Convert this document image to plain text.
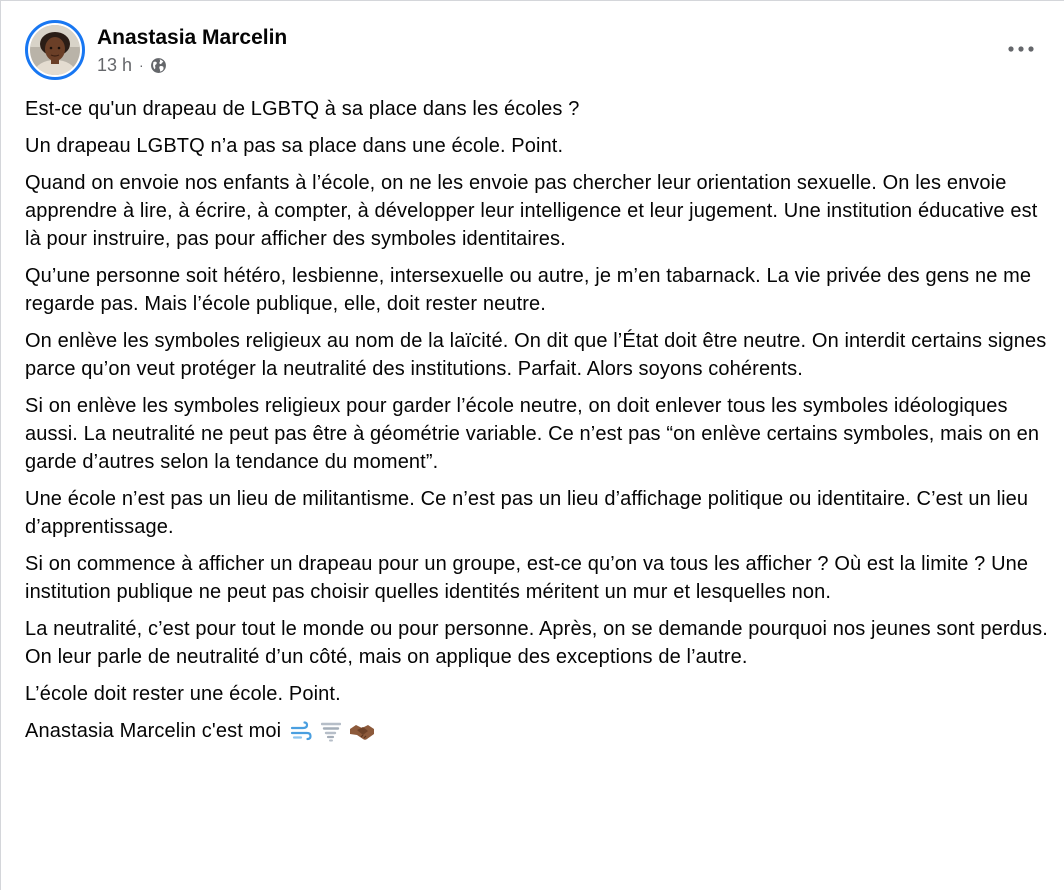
Anastasia Marcelin
13 h ·

Est-ce qu'un drapeau de LGBTQ à sa place dans les écoles ?

Un drapeau LGBTQ n’a pas sa place dans une école. Point.

Quand on envoie nos enfants à l’école, on ne les envoie pas chercher leur orientation sexuelle. On les envoie apprendre à lire, à écrire, à compter, à développer leur intelligence et leur jugement. Une institution éducative est là pour instruire, pas pour afficher des symboles identitaires.

Qu’une personne soit hétéro, lesbienne, intersexuelle ou autre, je m’en tabarnack. La vie privée des gens ne me regarde pas. Mais l’école publique, elle, doit rester neutre.

On enlève les symboles religieux au nom de la laïcité. On dit que l’État doit être neutre. On interdit certains signes parce qu’on veut protéger la neutralité des institutions. Parfait. Alors soyons cohérents.

Si on enlève les symboles religieux pour garder l’école neutre, on doit enlever tous les symboles idéologiques aussi. La neutralité ne peut pas être à géométrie variable. Ce n’est pas “on enlève certains symboles, mais on en garde d’autres selon la tendance du moment”.

Une école n’est pas un lieu de militantisme. Ce n’est pas un lieu d’affichage politique ou identitaire. C’est un lieu d’apprentissage.

Si on commence à afficher un drapeau pour un groupe, est-ce qu’on va tous les afficher ? Où est la limite ? Une institution publique ne peut pas choisir quelles identités méritent un mur et lesquelles non.

La neutralité, c’est pour tout le monde ou pour personne. Après, on se demande pourquoi nos jeunes sont perdus. On leur parle de neutralité d’un côté, mais on applique des exceptions de l’autre.

L’école doit rester une école. Point.

Anastasia Marcelin c'est moi
